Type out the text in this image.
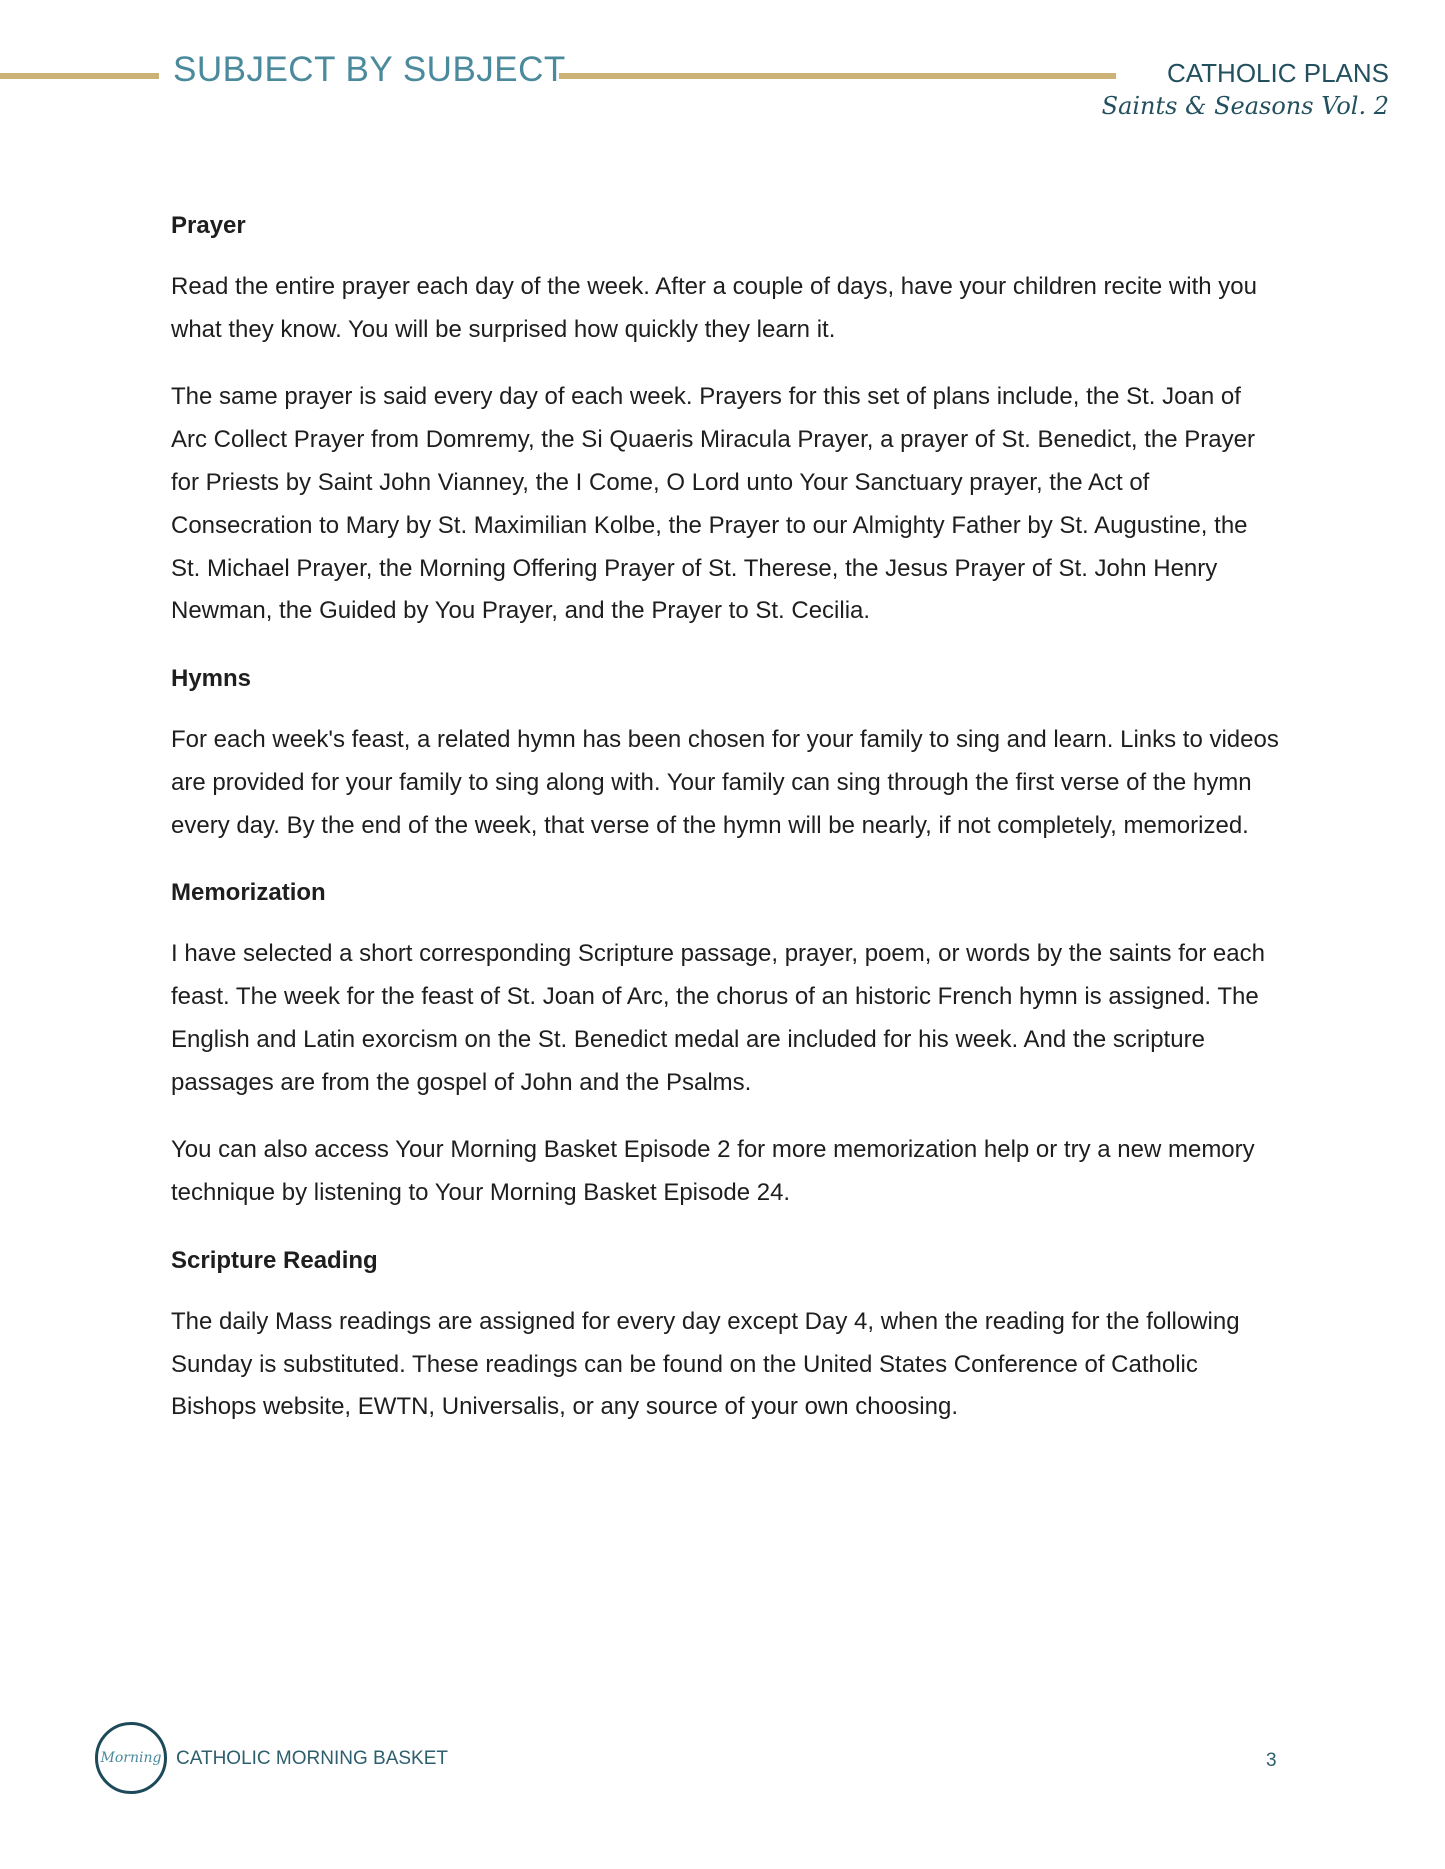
SUBJECT BY SUBJECT	CATHOLIC PLANS
Saints & Seasons Vol. 2
Prayer

Read the entire prayer each day of the week. After a couple of days, have your children recite with you what they know. You will be surprised how quickly they learn it.

The same prayer is said every day of each week. Prayers for this set of plans include, the St. Joan of Arc Collect Prayer from Domremy, the Si Quaeris Miracula Prayer, a prayer of St. Benedict, the Prayer for Priests by Saint John Vianney, the I Come, O Lord unto Your Sanctuary prayer, the Act of Consecration to Mary by St. Maximilian Kolbe, the Prayer to our Almighty Father by St. Augustine, the St. Michael Prayer, the Morning Offering Prayer of St. Therese, the Jesus Prayer of St. John Henry Newman, the Guided by You Prayer, and the Prayer to St. Cecilia.

Hymns

For each week's feast, a related hymn has been chosen for your family to sing and learn. Links to videos are provided for your family to sing along with. Your family can sing through the first verse of the hymn every day. By the end of the week, that verse of the hymn will be nearly, if not completely, memorized.

Memorization

I have selected a short corresponding Scripture passage, prayer, poem, or words by the saints for each feast. The week for the feast of St. Joan of Arc, the chorus of an historic French hymn is assigned. The English and Latin exorcism on the St. Benedict medal are included for his week. And the scripture passages are from the gospel of John and the Psalms.

You can also access Your Morning Basket Episode 2 for more memorization help or try a new memory technique by listening to Your Morning Basket Episode 24.

Scripture Reading

The daily Mass readings are assigned for every day except Day 4, when the reading for the following Sunday is substituted. These readings can be found on the United States Conference of Catholic Bishops website, EWTN, Universalis, or any source of your own choosing.

Morning CATHOLIC MORNING BASKET	3
